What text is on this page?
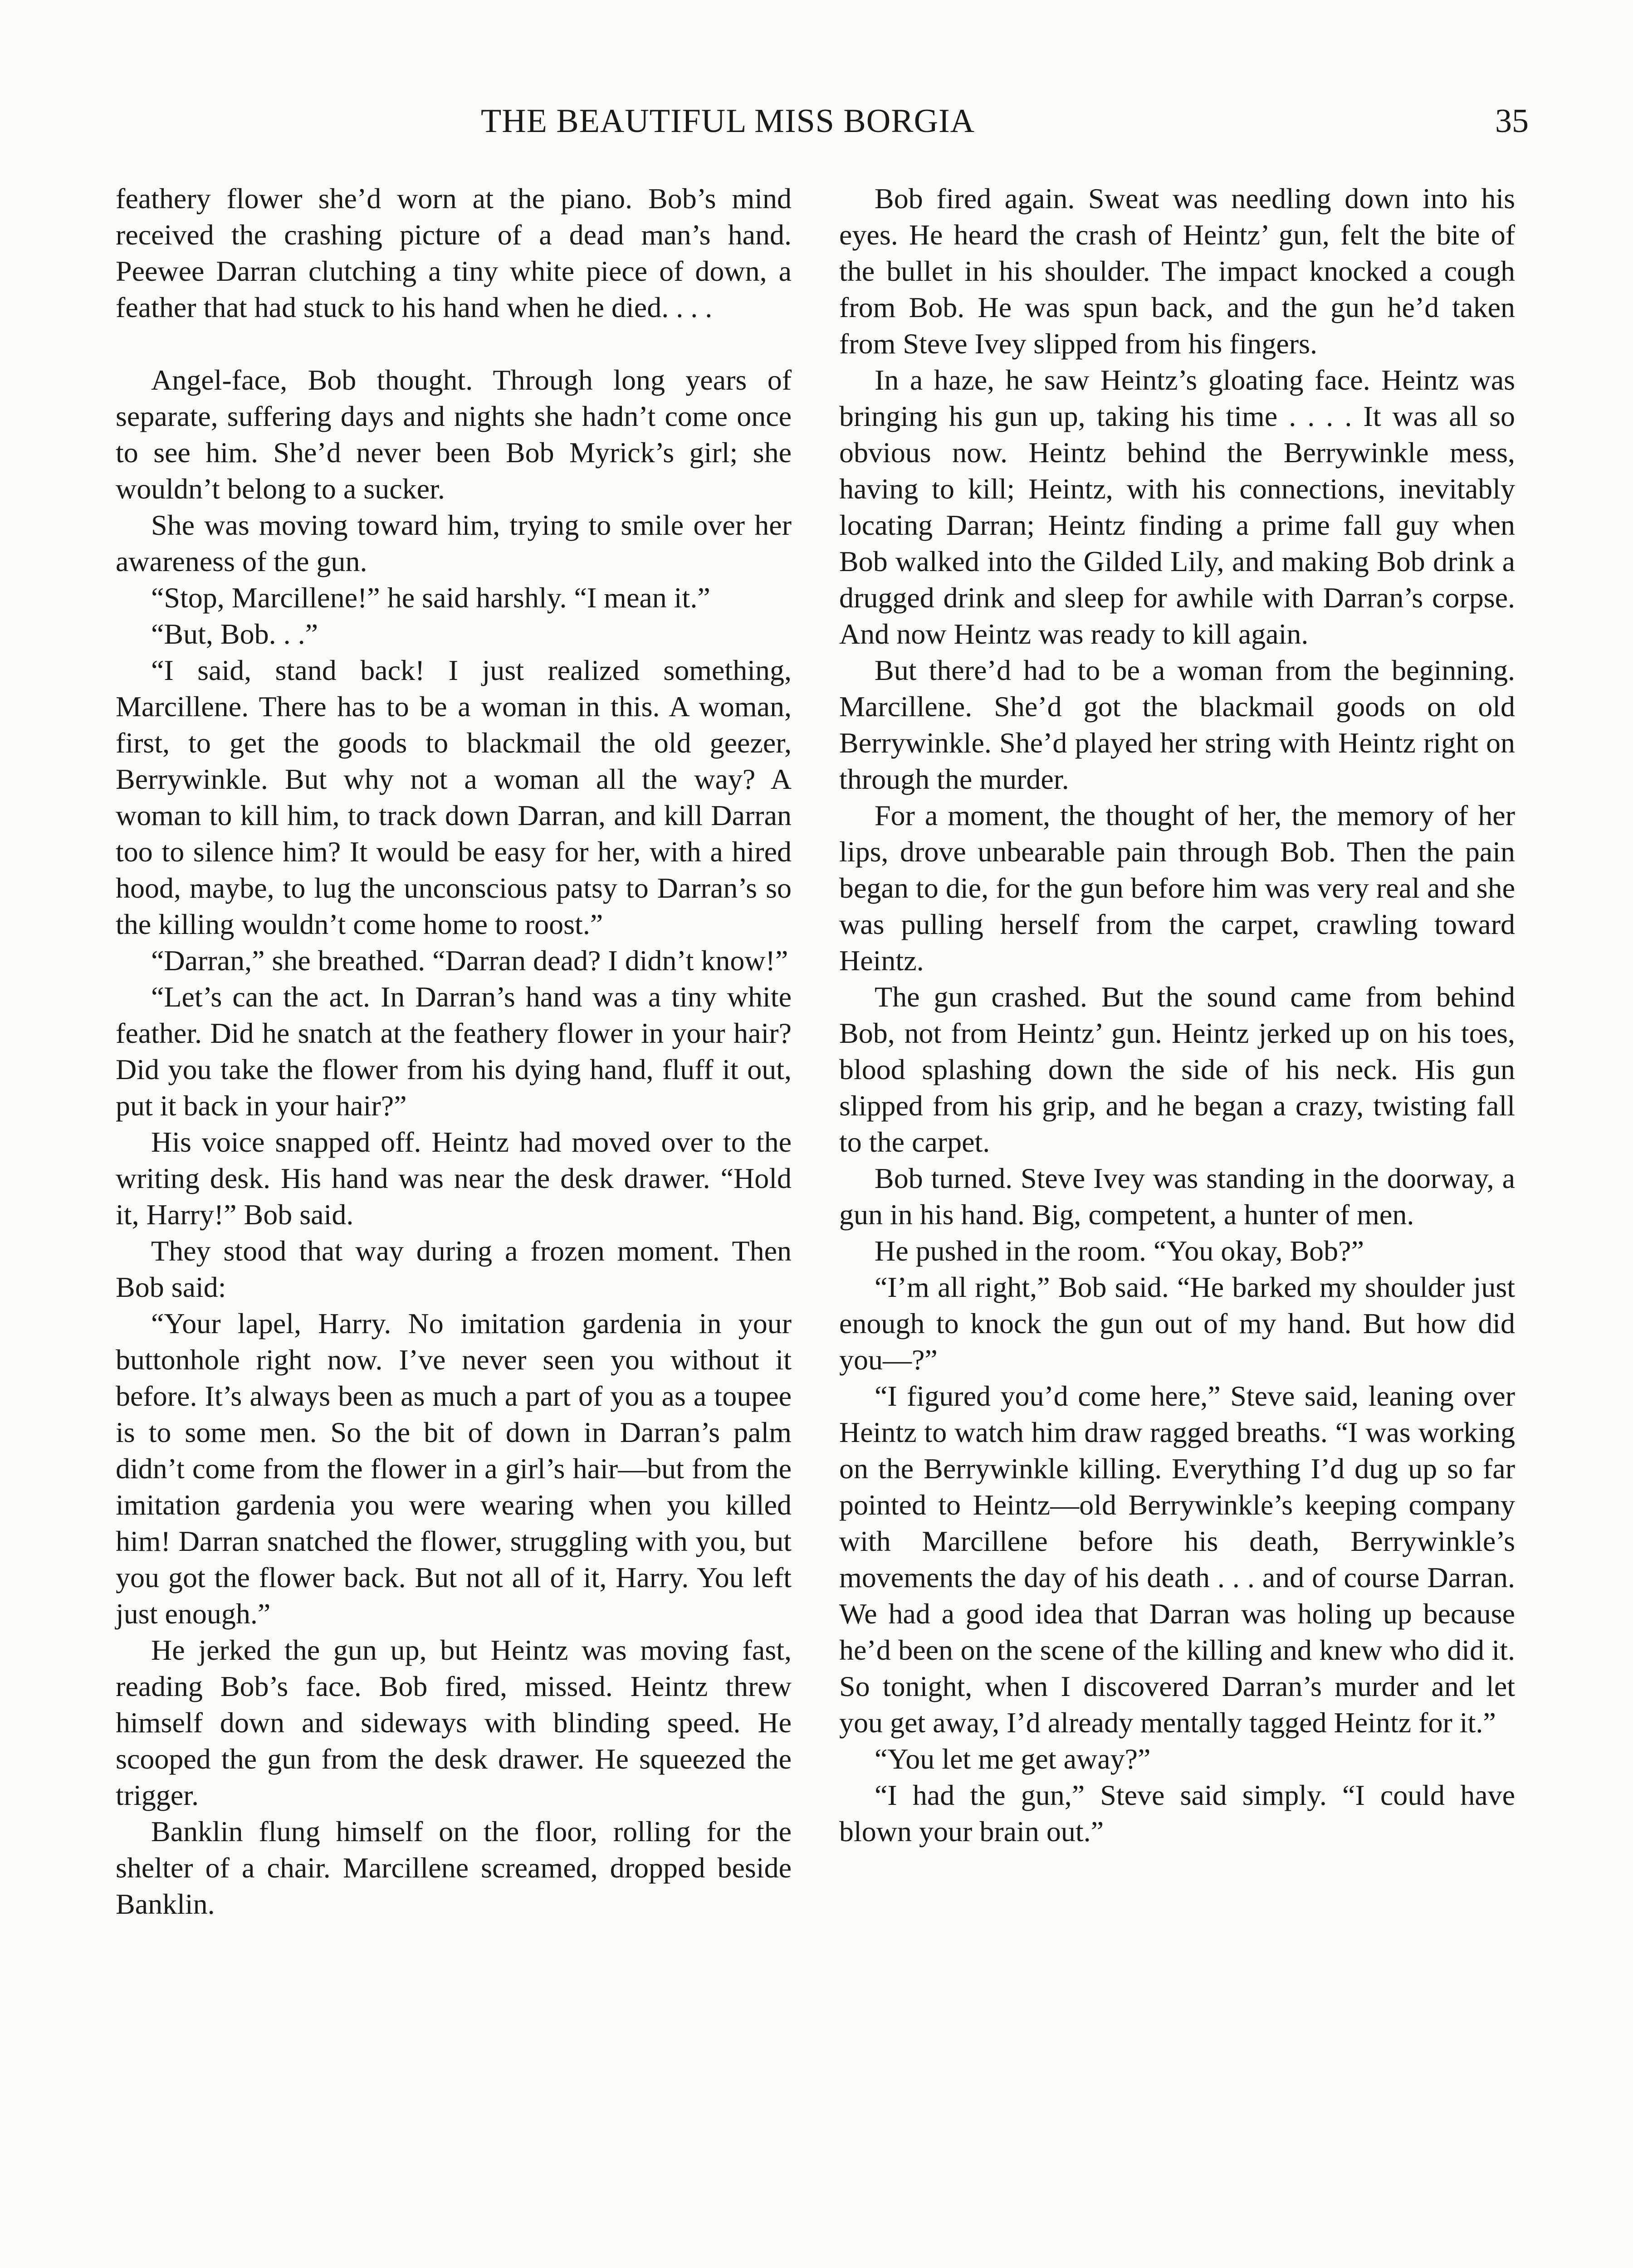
THE BEAUTIFUL MISS BORGIA	35

feathery flower she’d worn at the piano. Bob’s mind received the crashing picture of a dead man’s hand. Peewee Darran clutching a tiny white piece of down, a feather that had stuck to his hand when he died. . . .

Angel-face, Bob thought. Through long years of separate, suffering days and nights she hadn’t come once to see him. She’d never been Bob Myrick’s girl; she wouldn’t belong to a sucker.

She was moving toward him, trying to smile over her awareness of the gun.

“Stop, Marcillene!” he said harshly. “I mean it.”

“But, Bob. . .”

“I said, stand back! I just realized something, Marcillene. There has to be a woman in this. A woman, first, to get the goods to blackmail the old geezer, Berrywinkle. But why not a woman all the way? A woman to kill him, to track down Darran, and kill Darran too to silence him? It would be easy for her, with a hired hood, maybe, to lug the unconscious patsy to Darran’s so the killing wouldn’t come home to roost.”

“Darran,” she breathed. “Darran dead? I didn’t know!”

“Let’s can the act. In Darran’s hand was a tiny white feather. Did he snatch at the feathery flower in your hair? Did you take the flower from his dying hand, fluff it out, put it back in your hair?”

His voice snapped off. Heintz had moved over to the writing desk. His hand was near the desk drawer. “Hold it, Harry!” Bob said.

They stood that way during a frozen moment. Then Bob said:

“Your lapel, Harry. No imitation gardenia in your buttonhole right now. I’ve never seen you without it before. It’s always been as much a part of you as a toupee is to some men. So the bit of down in Darran’s palm didn’t come from the flower in a girl’s hair—but from the imitation gardenia you were wearing when you killed him! Darran snatched the flower, struggling with you, but you got the flower back. But not all of it, Harry. You left just enough.”

He jerked the gun up, but Heintz was moving fast, reading Bob’s face. Bob fired, missed. Heintz threw himself down and sideways with blinding speed. He scooped the gun from the desk drawer. He squeezed the trigger.

Banklin flung himself on the floor, rolling for the shelter of a chair. Marcillene screamed, dropped beside Banklin.

Bob fired again. Sweat was needling down into his eyes. He heard the crash of Heintz’ gun, felt the bite of the bullet in his shoulder. The impact knocked a cough from Bob. He was spun back, and the gun he’d taken from Steve Ivey slipped from his fingers.

In a haze, he saw Heintz’s gloating face. Heintz was bringing his gun up, taking his time . . . . It was all so obvious now. Heintz behind the Berrywinkle mess, having to kill; Heintz, with his connections, inevitably locating Darran; Heintz finding a prime fall guy when Bob walked into the Gilded Lily, and making Bob drink a drugged drink and sleep for awhile with Darran’s corpse. And now Heintz was ready to kill again.

But there’d had to be a woman from the beginning. Marcillene. She’d got the blackmail goods on old Berrywinkle. She’d played her string with Heintz right on through the murder.

For a moment, the thought of her, the memory of her lips, drove unbearable pain through Bob. Then the pain began to die, for the gun before him was very real and she was pulling herself from the carpet, crawling toward Heintz.

The gun crashed. But the sound came from behind Bob, not from Heintz’ gun. Heintz jerked up on his toes, blood splashing down the side of his neck. His gun slipped from his grip, and he began a crazy, twisting fall to the carpet.

Bob turned. Steve Ivey was standing in the doorway, a gun in his hand. Big, competent, a hunter of men.

He pushed in the room. “You okay, Bob?”

“I’m all right,” Bob said. “He barked my shoulder just enough to knock the gun out of my hand. But how did you—?”

“I figured you’d come here,” Steve said, leaning over Heintz to watch him draw ragged breaths. “I was working on the Berrywinkle killing. Everything I’d dug up so far pointed to Heintz—old Berrywinkle’s keeping company with Marcillene before his death, Berrywinkle’s movements the day of his death . . . and of course Darran. We had a good idea that Darran was holing up because he’d been on the scene of the killing and knew who did it. So tonight, when I discovered Darran’s murder and let you get away, I’d already mentally tagged Heintz for it.”

“You let me get away?”

“I had the gun,” Steve said simply. “I could have blown your brain out.”
